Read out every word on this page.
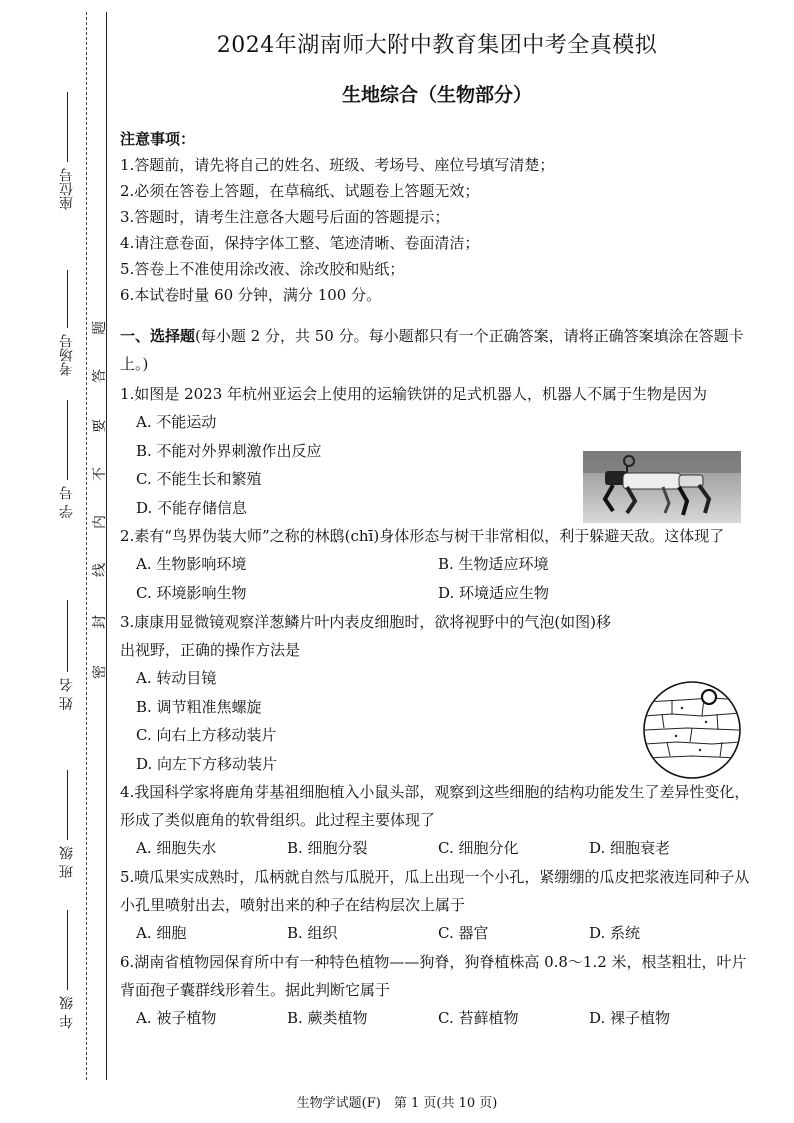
座位号
考场号
学 号
姓 名
班 级
年 级
密
封
线
内
不
要
答
题
2024年湖南师大附中教育集团中考全真模拟
生地综合（生物部分）

注意事项：

1.答题前，请先将自己的姓名、班级、考场号、座位号填写清楚；

2.必须在答卷上答题，在草稿纸、试题卷上答题无效；

3.答题时，请考生注意各大题号后面的答题提示；

4.请注意卷面，保持字体工整、笔迹清晰、卷面清洁；

5.答卷上不准使用涂改液、涂改胶和贴纸；

6.本试卷时量 60 分钟，满分 100 分。

一、选择题(每小题 2 分，共 50 分。每小题都只有一个正确答案，请将正确答案填涂在答题卡上。)

1.如图是 2023 年杭州亚运会上使用的运输铁饼的足式机器人，机器人不属于生物是因为

A. 不能运动

B. 不能对外界刺激作出反应

C. 不能生长和繁殖

D. 不能存储信息

2.素有“鸟界伪装大师”之称的林鸱(chī)身体形态与树干非常相似，利于躲避天敌。这体现了

A. 生物影响环境	B. 生物适应环境
C. 环境影响生物	D. 环境适应生物

3.康康用显微镜观察洋葱鳞片叶内表皮细胞时，欲将视野中的气泡(如图)移出视野，正确的操作方法是

A. 转动目镜

B. 调节粗准焦螺旋

C. 向右上方移动装片

D. 向左下方移动装片

4.我国科学家将鹿角芽基祖细胞植入小鼠头部，观察到这些细胞的结构功能发生了差异性变化，形成了类似鹿角的软骨组织。此过程主要体现了

A. 细胞失水	B. 细胞分裂	C. 细胞分化	D. 细胞衰老

5.喷瓜果实成熟时，瓜柄就自然与瓜脱开，瓜上出现一个小孔，紧绷绷的瓜皮把浆液连同种子从小孔里喷射出去，喷射出来的种子在结构层次上属于

A. 细胞	B. 组织	C. 器官	D. 系统

6.湖南省植物园保育所中有一种特色植物——狗脊，狗脊植株高 0.8～1.2 米，根茎粗壮，叶片背面孢子囊群线形着生。据此判断它属于

A. 被子植物	B. 蕨类植物	C. 苔藓植物	D. 裸子植物
生物学试题(F)　第 1 页(共 10 页)
